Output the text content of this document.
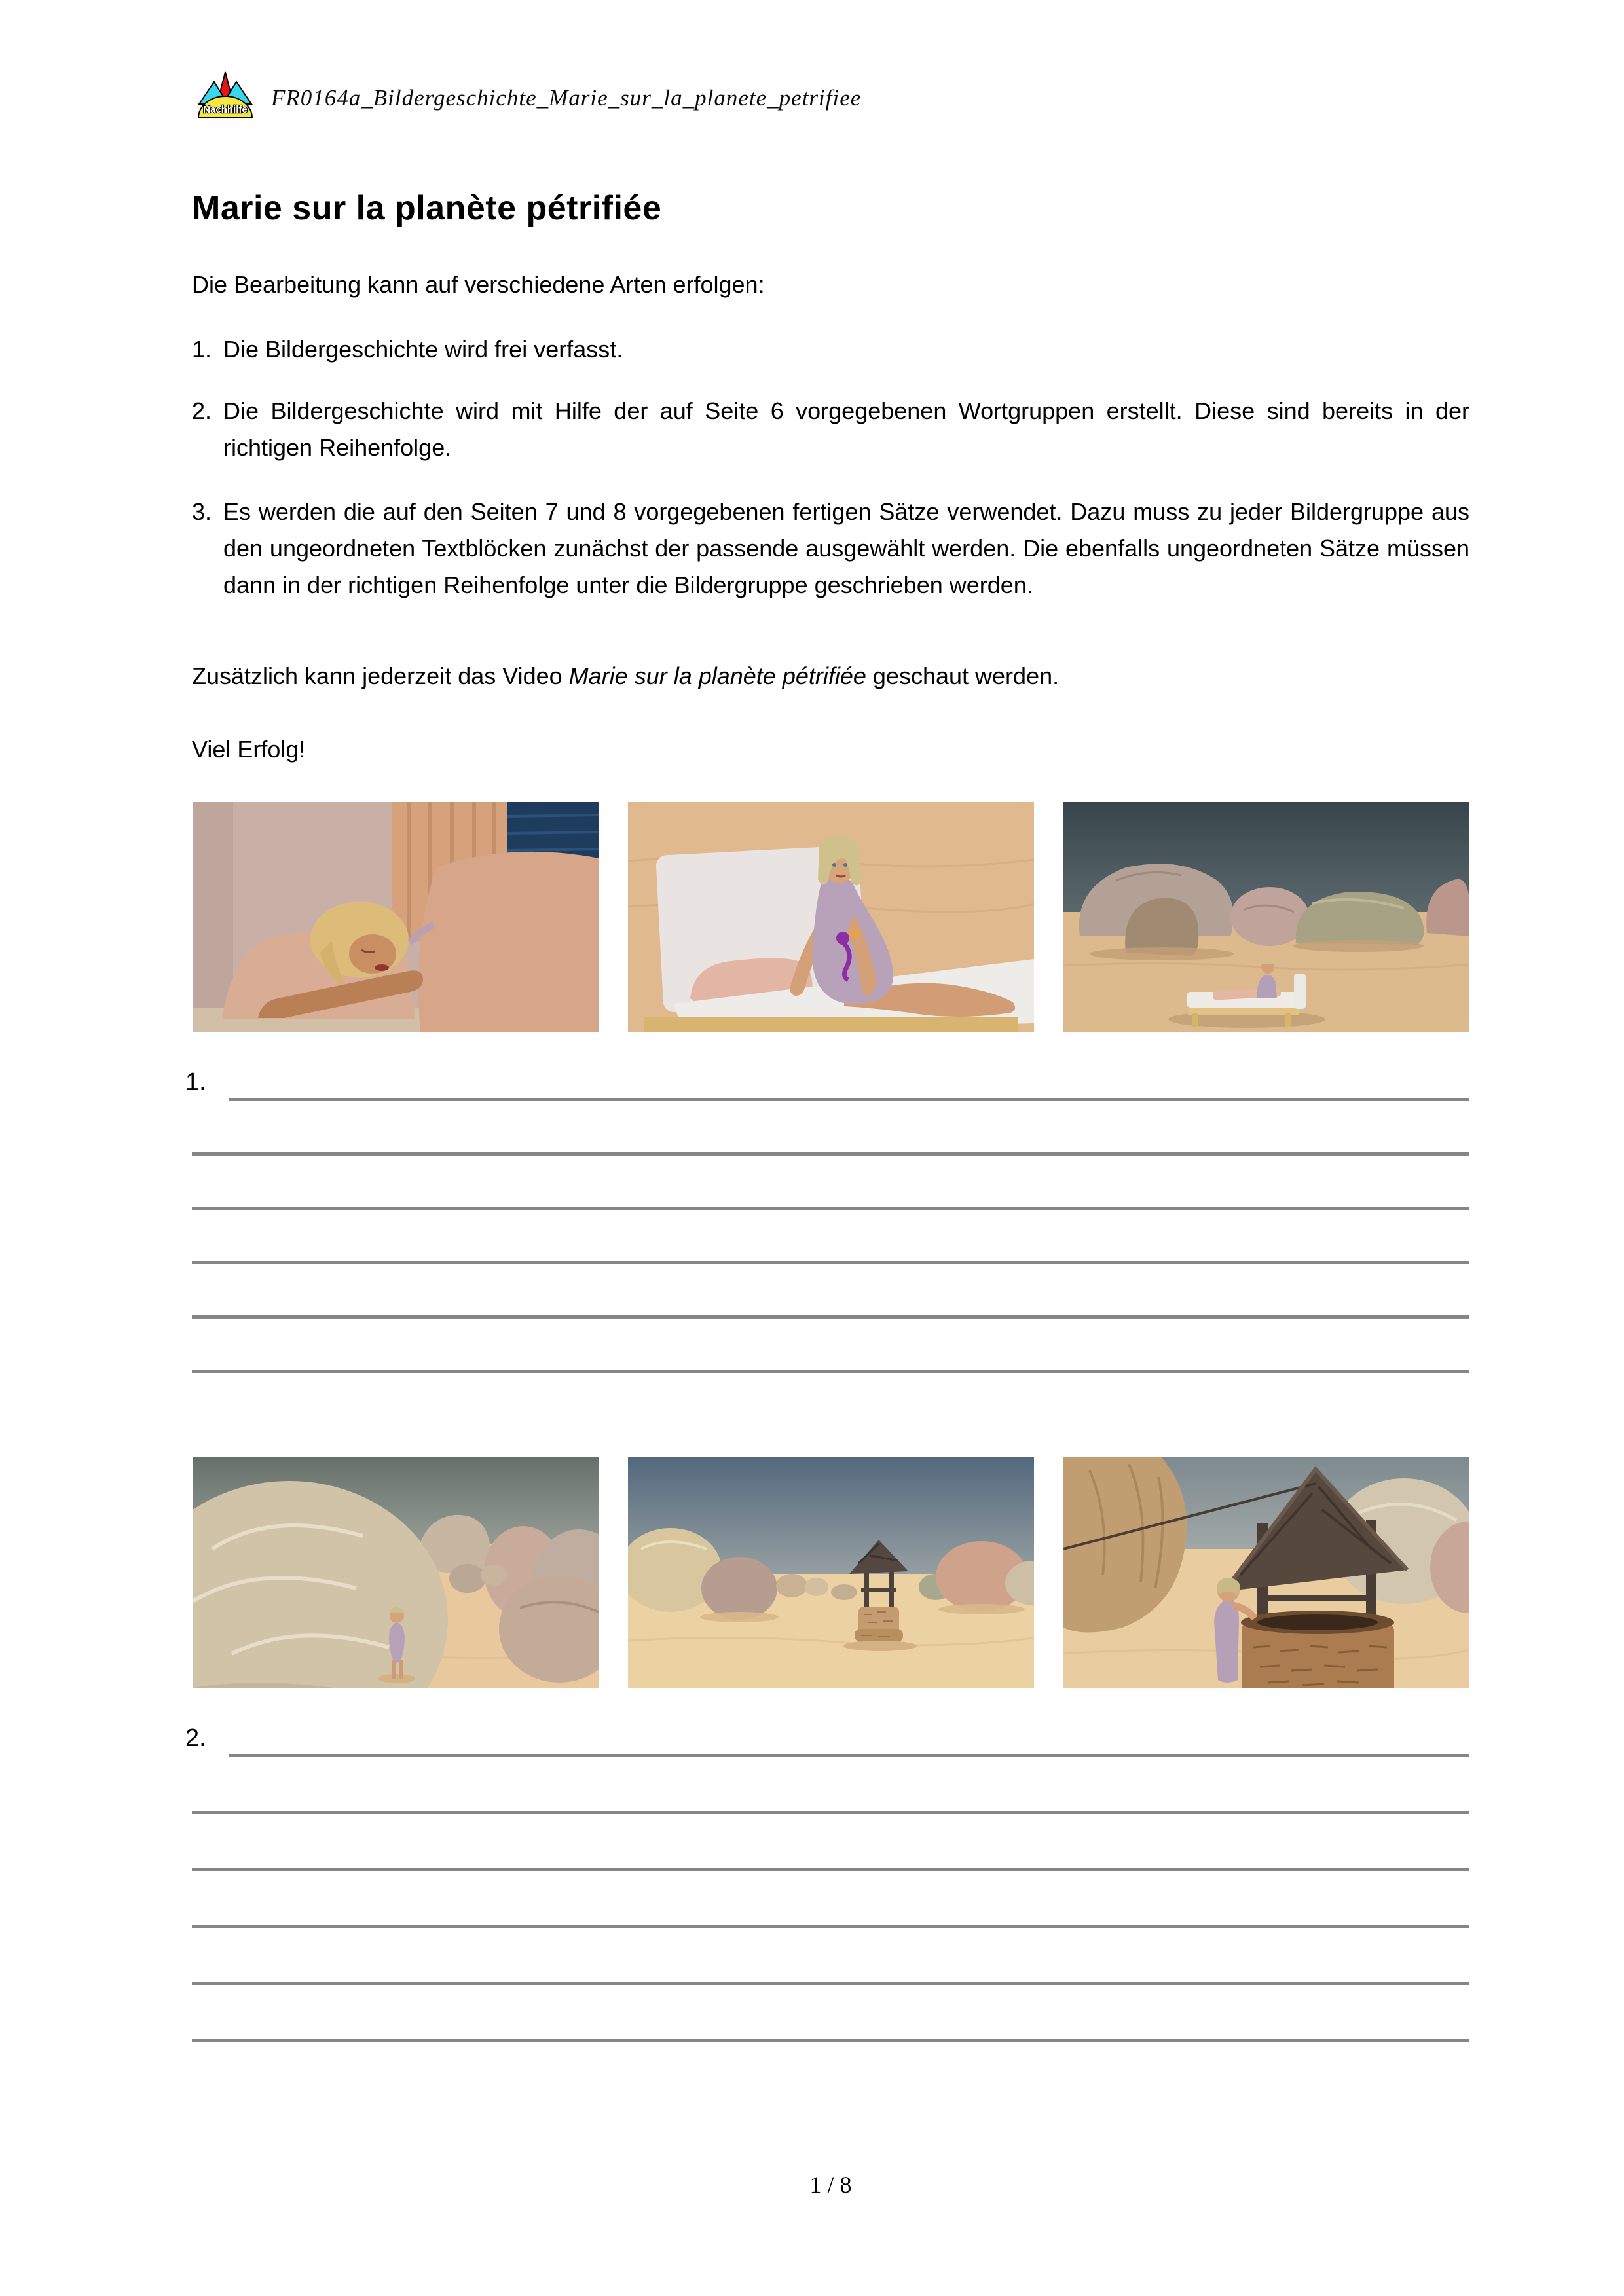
Nachhilfe FR0164a_Bildergeschichte_Marie_sur_la_planete_petrifiee
Marie sur la planète pétrifiée
Die Bearbeitung kann auf verschiedene Arten erfolgen:
1. Die Bildergeschichte wird frei verfasst.
2. Die Bildergeschichte wird mit Hilfe der auf Seite 6 vorgegebenen Wortgruppen erstellt. Diese sind bereits in der richtigen Reihenfolge.
3. Es werden die auf den Seiten 7 und 8 vorgegebenen fertigen Sätze verwendet. Dazu muss zu jeder Bildergruppe aus den ungeordneten Textblöcken zunächst der passende ausgewählt werden. Die ebenfalls ungeordneten Sätze müssen dann in der richtigen Reihenfolge unter die Bildergruppe geschrieben werden.
Zusätzlich kann jederzeit das Video Marie sur la planète pétrifiée geschaut werden.
Viel Erfolg!
1.
2.
1 / 8
